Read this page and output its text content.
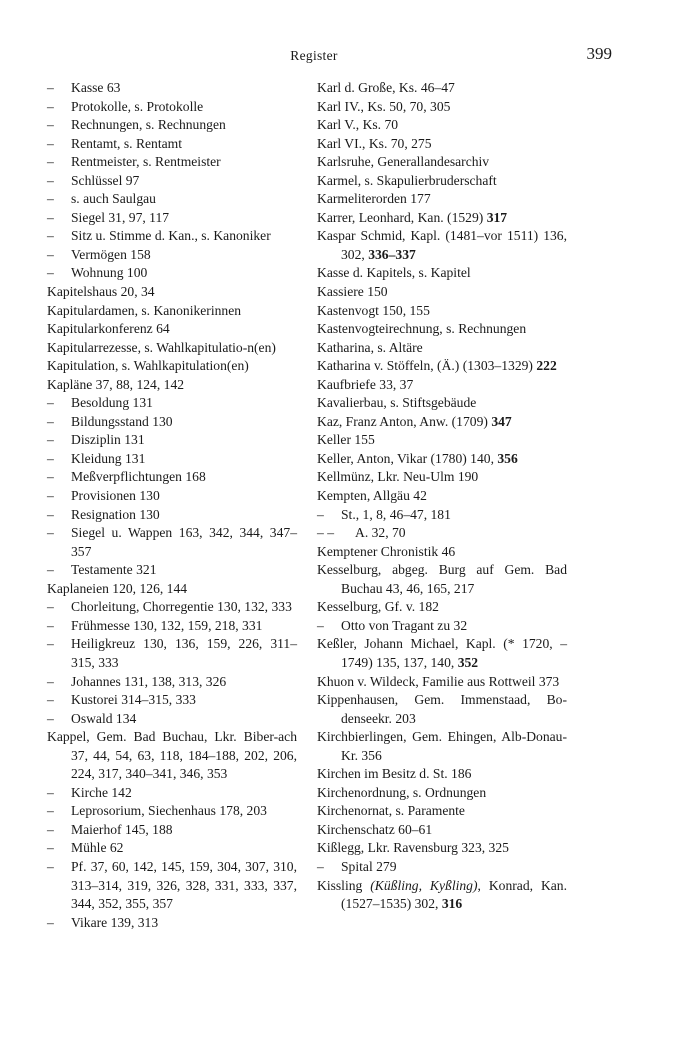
Register	399
– Kasse 63
– Protokolle, s. Protokolle
– Rechnungen, s. Rechnungen
– Rentamt, s. Rentamt
– Rentmeister, s. Rentmeister
– Schlüssel 97
– s. auch Saulgau
– Siegel 31, 97, 117
– Sitz u. Stimme d. Kan., s. Kanoniker
– Vermögen 158
– Wohnung 100
Kapitelshaus 20, 34
Kapitulardamen, s. Kanonikerinnen
Kapitularkonferenz 64
Kapitularrezesse, s. Wahlkapitulatio-n(en)
Kapitulation, s. Wahlkapitulation(en)
Kapläne 37, 88, 124, 142
– Besoldung 131
– Bildungsstand 130
– Disziplin 131
– Kleidung 131
– Meßverpflichtungen 168
– Provisionen 130
– Resignation 130
– Siegel u. Wappen 163, 342, 344, 347–357
– Testamente 321
Kaplaneien 120, 126, 144
– Chorleitung, Chorregentie 130, 132, 333
– Frühmesse 130, 132, 159, 218, 331
– Heiligkreuz 130, 136, 159, 226, 311–315, 333
– Johannes 131, 138, 313, 326
– Kustorei 314–315, 333
– Oswald 134
Kappel, Gem. Bad Buchau, Lkr. Biber-ach 37, 44, 54, 63, 118, 184–188, 202, 206, 224, 317, 340–341, 346, 353
– Kirche 142
– Leprosorium, Siechenhaus 178, 203
– Maierhof 145, 188
– Mühle 62
– Pf. 37, 60, 142, 145, 159, 304, 307, 310, 313–314, 319, 326, 328, 331, 333, 337, 344, 352, 355, 357
– Vikare 139, 313
Karl d. Große, Ks. 46–47
Karl IV., Ks. 50, 70, 305
Karl V., Ks. 70
Karl VI., Ks. 70, 275
Karlsruhe, Generallandesarchiv
Karmel, s. Skapulierbruderschaft
Karmeliterorden 177
Karrer, Leonhard, Kan. (1529) 317
Kaspar Schmid, Kapl. (1481–vor 1511) 136, 302, 336–337
Kasse d. Kapitels, s. Kapitel
Kassiere 150
Kastenvogt 150, 155
Kastenvogteirechnung, s. Rechnungen
Katharina, s. Altäre
Katharina v. Stöffeln, (Ä.) (1303–1329) 222
Kaufbriefe 33, 37
Kavalierbau, s. Stiftsgebäude
Kaz, Franz Anton, Anw. (1709) 347
Keller 155
Keller, Anton, Vikar (1780) 140, 356
Kellmünz, Lkr. Neu-Ulm 190
Kempten, Allgäu 42
– St., 1, 8, 46–47, 181
– – A. 32, 70
Kemptener Chronistik 46
Kesselburg, abgeg. Burg auf Gem. Bad Buchau 43, 46, 165, 217
Kesselburg, Gf. v. 182
– Otto von Tragant zu 32
Keßler, Johann Michael, Kapl. (* 1720, –1749) 135, 137, 140, 352
Khuon v. Wildeck, Familie aus Rottweil 373
Kippenhausen, Gem. Immenstaad, Bo-denseekr. 203
Kirchbierlingen, Gem. Ehingen, Alb-Donau-Kr. 356
Kirchen im Besitz d. St. 186
Kirchenordnung, s. Ordnungen
Kirchenornat, s. Paramente
Kirchenschatz 60–61
Kißlegg, Lkr. Ravensburg 323, 325
– Spital 279
Kissling (Küßling, Kyßling), Konrad, Kan. (1527–1535) 302, 316
